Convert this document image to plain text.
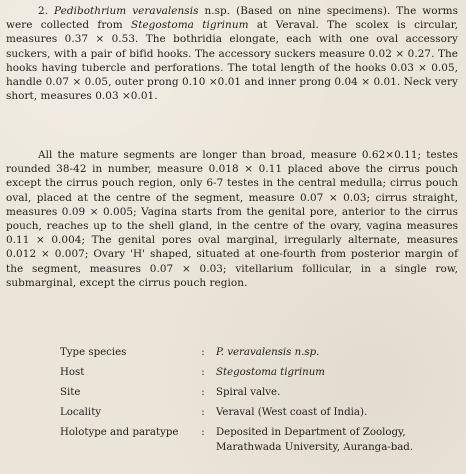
2. Pedibothrium veravalensis n.sp. (Based on nine specimens). The worms were collected from Stegostoma tigrinum at Veraval. The scolex is circular, measures 0.37 × 0.53. The bothridia elongate, each with one oval accessory suckers, with a pair of bifid hooks. The accessory suckers measure 0.02 × 0.27. The hooks having tubercle and perforations. The total length of the hooks 0.03 × 0.05, handle 0.07 × 0.05, outer prong 0.10 ×0.01 and inner prong 0.04 × 0.01. Neck very short, measures 0.03 ×0.01.
All the mature segments are longer than broad, measure 0.62×0.11; testes rounded 38-42 in number, measure 0.018 × 0.11 placed above the cirrus pouch except the cirrus pouch region, only 6-7 testes in the central medulla; cirrus pouch oval, placed at the centre of the segment, measure 0.07 × 0.03; cirrus straight, measures 0.09 × 0.005; Vagina starts from the genital pore, anterior to the cirrus pouch, reaches up to the shell gland, in the centre of the ovary, vagina measures 0.11 × 0.004; The genital pores oval marginal, irregularly alternate, measures 0.012 × 0.007; Ovary 'H' shaped, situated at one-fourth from posterior margin of the segment, measures 0.07 × 0.03; vitellarium follicular, in a single row, submarginal, except the cirrus pouch region.
Type species	:	P. veravalensis n.sp.
Host	:	Stegostoma tigrinum
Site	:	Spiral valve.
Locality	:	Veraval (West coast of India).
Holotype and paratype	:	Deposited in Department of Zoology, Marathwada University, Auranga-bad.
